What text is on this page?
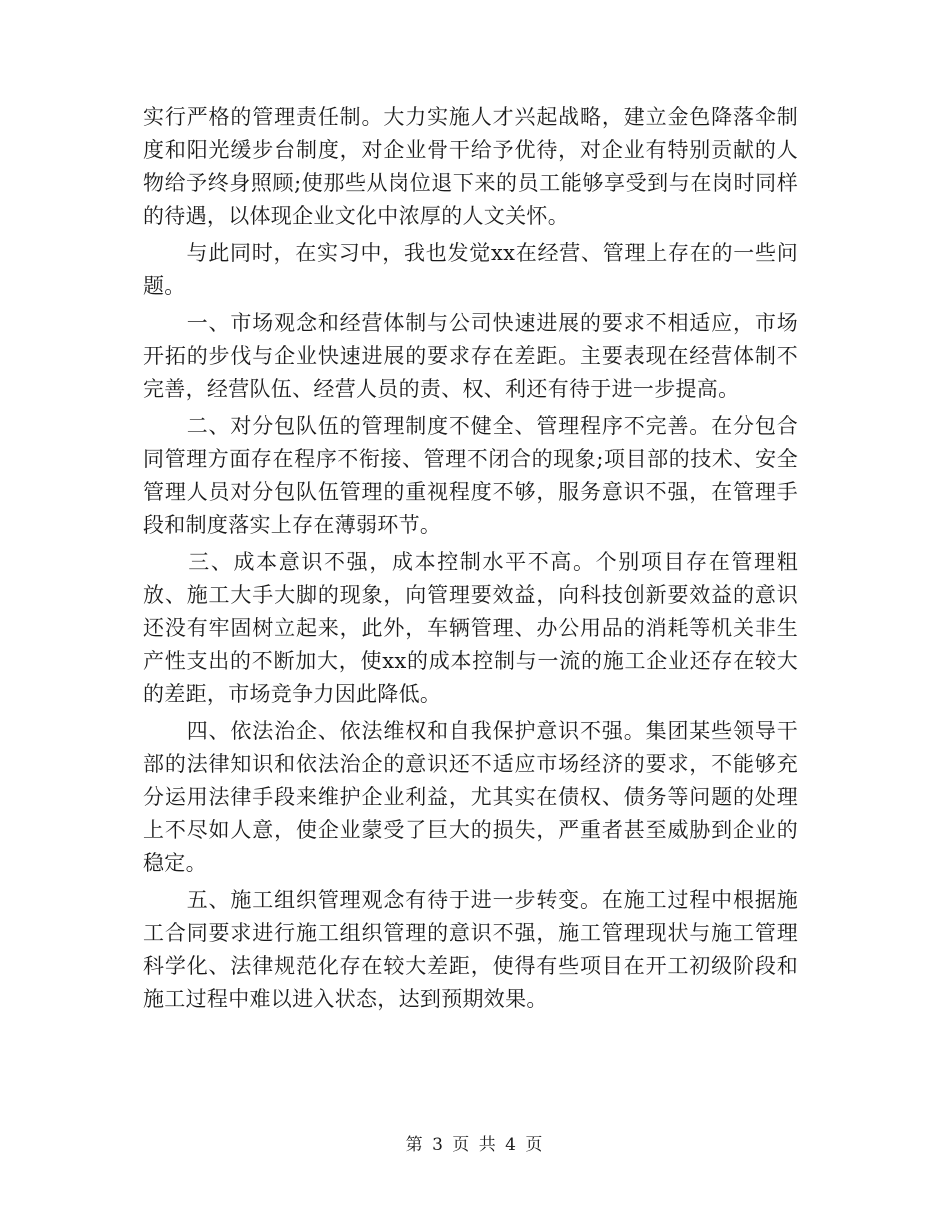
实行严格的管理责任制。大力实施人才兴起战略，建立金色降落伞制度和阳光缓步台制度，对企业骨干给予优待，对企业有特别贡献的人物给予终身照顾;使那些从岗位退下来的员工能够享受到与在岗时同样的待遇，以体现企业文化中浓厚的人文关怀。

　　与此同时，在实习中，我也发觉xx在经营、管理上存在的一些问题。

　　一、市场观念和经营体制与公司快速进展的要求不相适应，市场开拓的步伐与企业快速进展的要求存在差距。主要表现在经营体制不完善，经营队伍、经营人员的责、权、利还有待于进一步提高。

　　二、对分包队伍的管理制度不健全、管理程序不完善。在分包合同管理方面存在程序不衔接、管理不闭合的现象;项目部的技术、安全管理人员对分包队伍管理的重视程度不够，服务意识不强，在管理手段和制度落实上存在薄弱环节。

　　三、成本意识不强，成本控制水平不高。个别项目存在管理粗放、施工大手大脚的现象，向管理要效益，向科技创新要效益的意识还没有牢固树立起来，此外，车辆管理、办公用品的消耗等机关非生产性支出的不断加大，使xx的成本控制与一流的施工企业还存在较大的差距，市场竞争力因此降低。

　　四、依法治企、依法维权和自我保护意识不强。集团某些领导干部的法律知识和依法治企的意识还不适应市场经济的要求，不能够充分运用法律手段来维护企业利益，尤其实在债权、债务等问题的处理上不尽如人意，使企业蒙受了巨大的损失，严重者甚至威胁到企业的稳定。

　　五、施工组织管理观念有待于进一步转变。在施工过程中根据施工合同要求进行施工组织管理的意识不强，施工管理现状与施工管理科学化、法律规范化存在较大差距，使得有些项目在开工初级阶段和施工过程中难以进入状态，达到预期效果。

第 3 页 共 4 页
